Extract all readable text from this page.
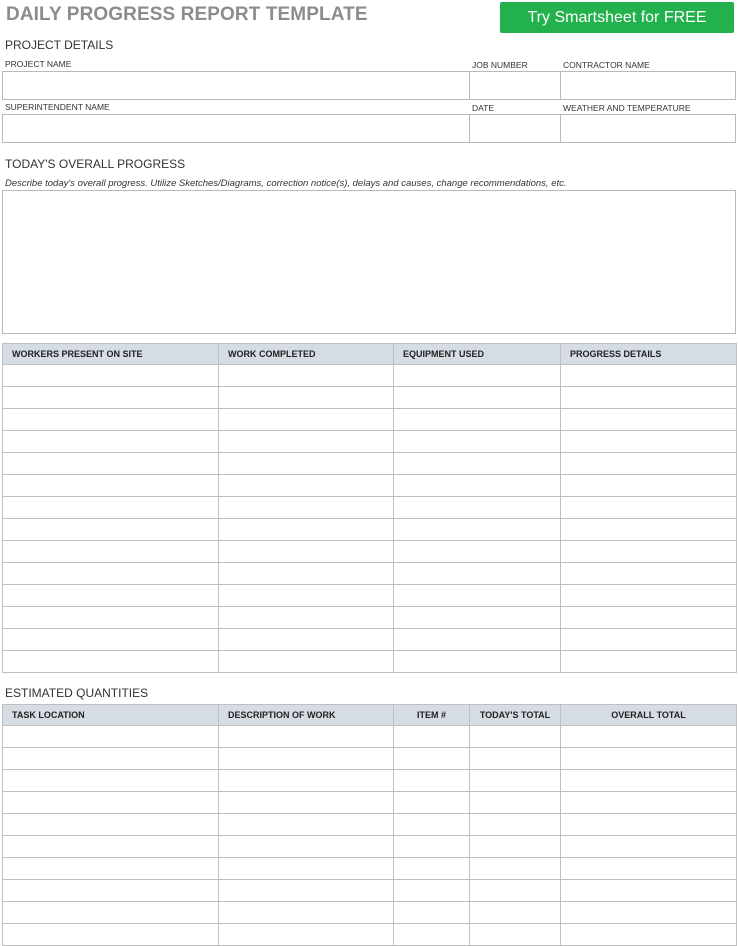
DAILY PROGRESS REPORT TEMPLATE	Try Smartsheet for FREE
PROJECT DETAILS
PROJECT NAME	JOB NUMBER	CONTRACTOR NAME
SUPERINTENDENT NAME	DATE	WEATHER AND TEMPERATURE
TODAY'S OVERALL PROGRESS

Describe today's overall progress. Utilize Sketches/Diagrams, correction notice(s), delays and causes, change recommendations, etc.

WORKERS PRESENT ON SITE	WORK COMPLETED	EQUIPMENT USED	PROGRESS DETAILS

ESTIMATED QUANTITIES
TASK LOCATION	DESCRIPTION OF WORK	ITEM #	TODAY'S TOTAL	OVERALL TOTAL
